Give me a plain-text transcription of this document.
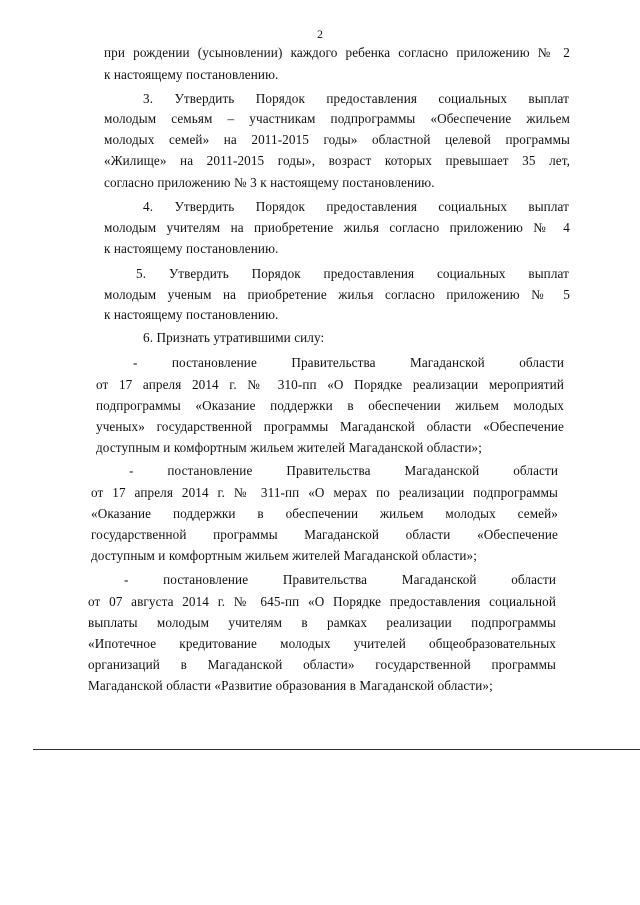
2
при рождении (усыновлении) каждого ребенка согласно приложению № 2
к настоящему постановлению.
3. Утвердить Порядок предоставления социальных выплат
молодым семьям – участникам подпрограммы «Обеспечение жильем
молодых семей» на 2011-2015 годы» областной целевой программы
«Жилище» на 2011-2015 годы», возраст которых превышает 35 лет,
согласно приложению № 3 к настоящему постановлению.
4. Утвердить Порядок предоставления социальных выплат
молодым учителям на приобретение жилья согласно приложению № 4
к настоящему постановлению.
5. Утвердить Порядок предоставления социальных выплат
молодым ученым на приобретение жилья согласно приложению № 5
к настоящему постановлению.
6. Признать утратившими силу:
- постановление Правительства Магаданской области
от 17 апреля 2014 г. № 310-пп «О Порядке реализации мероприятий
подпрограммы «Оказание поддержки в обеспечении жильем молодых
ученых» государственной программы Магаданской области «Обеспечение
доступным и комфортным жильем жителей Магаданской области»;
- постановление Правительства Магаданской области
от 17 апреля 2014 г. № 311-пп «О мерах по реализации подпрограммы
«Оказание поддержки в обеспечении жильем молодых семей»
государственной программы Магаданской области «Обеспечение
доступным и комфортным жильем жителей Магаданской области»;
- постановление Правительства Магаданской области
от 07 августа 2014 г. № 645-пп «О Порядке предоставления социальной
выплаты молодым учителям в рамках реализации подпрограммы
«Ипотечное кредитование молодых учителей общеобразовательных
организаций в Магаданской области» государственной программы
Магаданской области «Развитие образования в Магаданской области»;
